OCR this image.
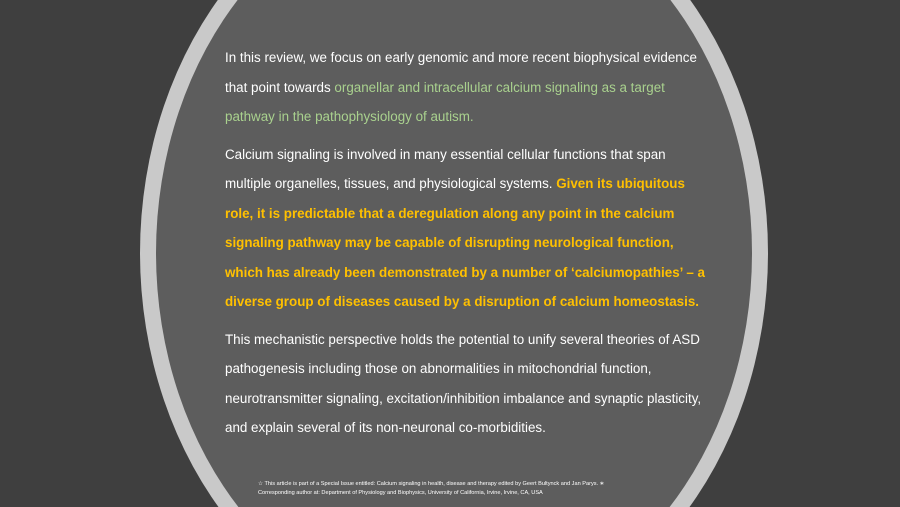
In this review, we focus on early genomic and more recent biophysical evidence that point towards organellar and intracellular calcium signaling as a target pathway in the pathophysiology of autism.

Calcium signaling is involved in many essential cellular functions that span multiple organelles, tissues, and physiological systems. Given its ubiquitous role, it is predictable that a deregulation along any point in the calcium signaling pathway may be capable of disrupting neurological function, which has already been demonstrated by a number of ‘calciumopathies’ – a diverse group of diseases caused by a disruption of calcium homeostasis.

This mechanistic perspective holds the potential to unify several theories of ASD pathogenesis including those on abnormalities in mitochondrial function, neurotransmitter signaling, excitation/inhibition imbalance and synaptic plasticity, and explain several of its non-neuronal co-morbidities.

☆ This article is part of a Special Issue entitled: Calcium signaling in health, disease and therapy edited by Geert Bultynck and Jan Parys. ∗
Corresponding author at: Department of Physiology and Biophysics, University of California, Irvine, Irvine, CA, USA
